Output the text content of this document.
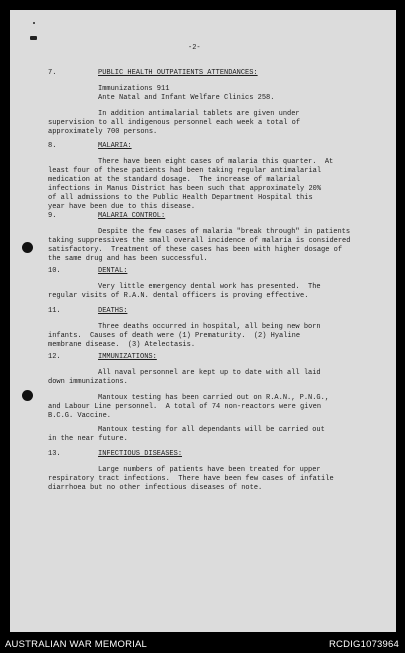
-2-
7.	PUBLIC HEALTH OUTPATIENTS ATTENDANCES:
Immunizations 911
Ante Natal and Infant Welfare Clinics 258.
In addition antimalarial tablets are given under
supervision to all indigenous personnel each week a total of
approximately 700 persons.
8.	MALARIA:
There have been eight cases of malaria this quarter.  At
least four of these patients had been taking regular antimalarial
medication at the standard dosage.  The increase of malarial
infections in Manus District has been such that approximately 20%
of all admissions to the Public Health Department Hospital this
year have been due to this disease.
9.	MALARIA CONTROL:
Despite the few cases of malaria "break through" in patients
taking suppressives the small overall incidence of malaria is considered
satisfactory.  Treatment of these cases has been with higher dosage of
the same drug and has been successful.
10.	DENTAL:
Very little emergency dental work has presented.  The
regular visits of R.A.N. dental officers is proving effective.
11.	DEATHS:
Three deaths occurred in hospital, all being new born
infants.  Causes of death were (1) Prematurity.  (2) Hyaline
membrane disease.  (3) Atelectasis.
12.	IMMUNIZATIONS:
All naval personnel are kept up to date with all laid
down immunizations.
Mantoux testing has been carried out on R.A.N., P.N.G.,
and Labour Line personnel.  A total of 74 non-reactors were given
B.C.G. Vaccine.
Mantoux testing for all dependants will be carried out
in the near future.
13.	INFECTIOUS DISEASES:
Large numbers of patients have been treated for upper
respiratory tract infections.  There have been few cases of infatile
diarrhoea but no other infectious diseases of note.
AUSTRALIAN WAR MEMORIAL	RCDIG1073964
